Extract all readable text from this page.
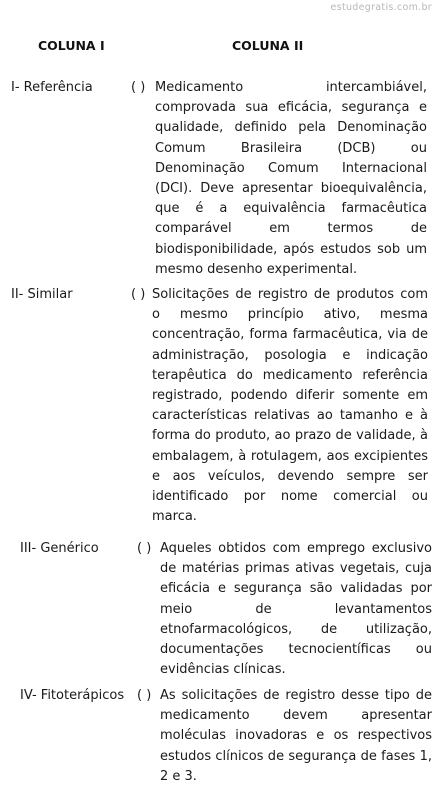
estudegratis.com.br
COLUNA I	COLUNA II
I- Referência	( ) Medicamento intercambiável, comprovada sua eficácia, segurança e qualidade, definido pela Denominação Comum Brasileira (DCB) ou Denominação Comum Internacional (DCI). Deve apresentar bioequivalência, que é a equivalência farmacêutica comparável em termos de biodisponibilidade, após estudos sob um mesmo desenho experimental.
II- Similar	( ) Solicitações de registro de produtos com o mesmo princípio ativo, mesma concentração, forma farmacêutica, via de administração, posologia e indicação terapêutica do medicamento referência registrado, podendo diferir somente em características relativas ao tamanho e à forma do produto, ao prazo de validade, à embalagem, à rotulagem, aos excipientes e aos veículos, devendo sempre ser identificado por nome comercial ou marca.
III- Genérico	( ) Aqueles obtidos com emprego exclusivo de matérias primas ativas vegetais, cuja eficácia e segurança são validadas por meio de levantamentos etnofarmacológicos, de utilização, documentações tecnocientíficas ou evidências clínicas.
IV- Fitoterápicos ( ) As solicitações de registro desse tipo de medicamento devem apresentar moléculas inovadoras e os respectivos estudos clínicos de segurança de fases 1, 2 e 3.
